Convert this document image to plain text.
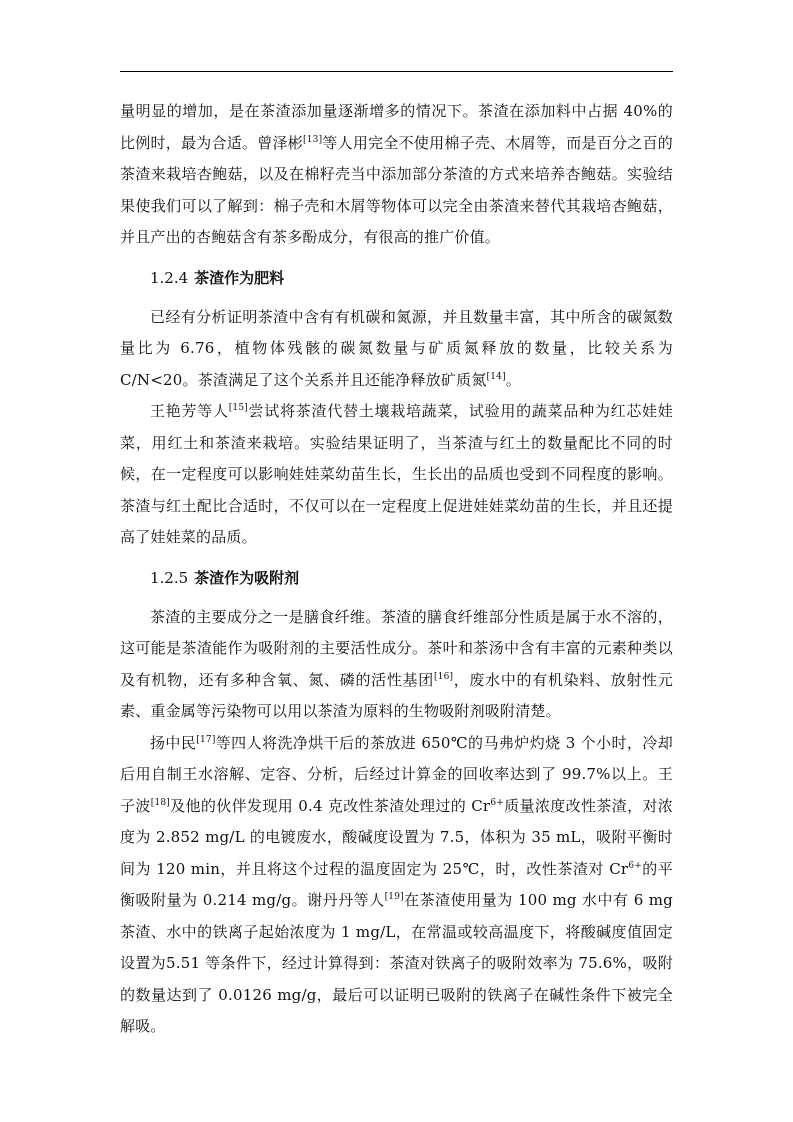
量明显的增加，是在茶渣添加量逐渐增多的情况下。茶渣在添加料中占据 40%的比例时，最为合适。曾泽彬[13]等人用完全不使用棉子壳、木屑等，而是百分之百的茶渣来栽培杏鲍菇，以及在棉籽壳当中添加部分茶渣的方式来培养杏鲍菇。实验结果使我们可以了解到：棉子壳和木屑等物体可以完全由茶渣来替代其栽培杏鲍菇，并且产出的杏鲍菇含有茶多酚成分，有很高的推广价值。

1.2.4 茶渣作为肥料

已经有分析证明茶渣中含有有机碳和氮源，并且数量丰富，其中所含的碳氮数量比为 6.76，植物体残骸的碳氮数量与矿质氮释放的数量，比较关系为C/N<20。茶渣满足了这个关系并且还能净释放矿质氮[14]。

王艳芳等人[15]尝试将茶渣代替土壤栽培蔬菜，试验用的蔬菜品种为红芯娃娃菜，用红土和茶渣来栽培。实验结果证明了，当茶渣与红土的数量配比不同的时候，在一定程度可以影响娃娃菜幼苗生长，生长出的品质也受到不同程度的影响。茶渣与红土配比合适时，不仅可以在一定程度上促进娃娃菜幼苗的生长，并且还提高了娃娃菜的品质。

1.2.5 茶渣作为吸附剂

茶渣的主要成分之一是膳食纤维。茶渣的膳食纤维部分性质是属于水不溶的，这可能是茶渣能作为吸附剂的主要活性成分。茶叶和茶汤中含有丰富的元素种类以及有机物，还有多种含氧、氮、磷的活性基团[16]，废水中的有机染料、放射性元素、重金属等污染物可以用以茶渣为原料的生物吸附剂吸附清楚。

扬中民[17]等四人将洗净烘干后的茶放进 650℃的马弗炉灼烧 3 个小时，冷却后用自制王水溶解、定容、分析，后经过计算金的回收率达到了 99.7%以上。王子波[18]及他的伙伴发现用 0.4 克改性茶渣处理过的 $Cr^{6+}$质量浓度改性茶渣，对浓度为 2.852 mg/L 的电镀废水，酸碱度设置为 7.5，体积为 35 mL，吸附平衡时间为 120 min，并且将这个过程的温度固定为 25℃，时，改性茶渣对 $Cr^{6+}$的平衡吸附量为 0.214 mg/g。谢丹丹等人[19]在茶渣使用量为 100 mg 水中有 6 mg 茶渣、水中的铁离子起始浓度为 1 mg/L，在常温或较高温度下，将酸碱度值固定设置为5.51 等条件下，经过计算得到：茶渣对铁离子的吸附效率为 75.6%，吸附的数量达到了 0.0126 mg/g，最后可以证明已吸附的铁离子在碱性条件下被完全解吸。
